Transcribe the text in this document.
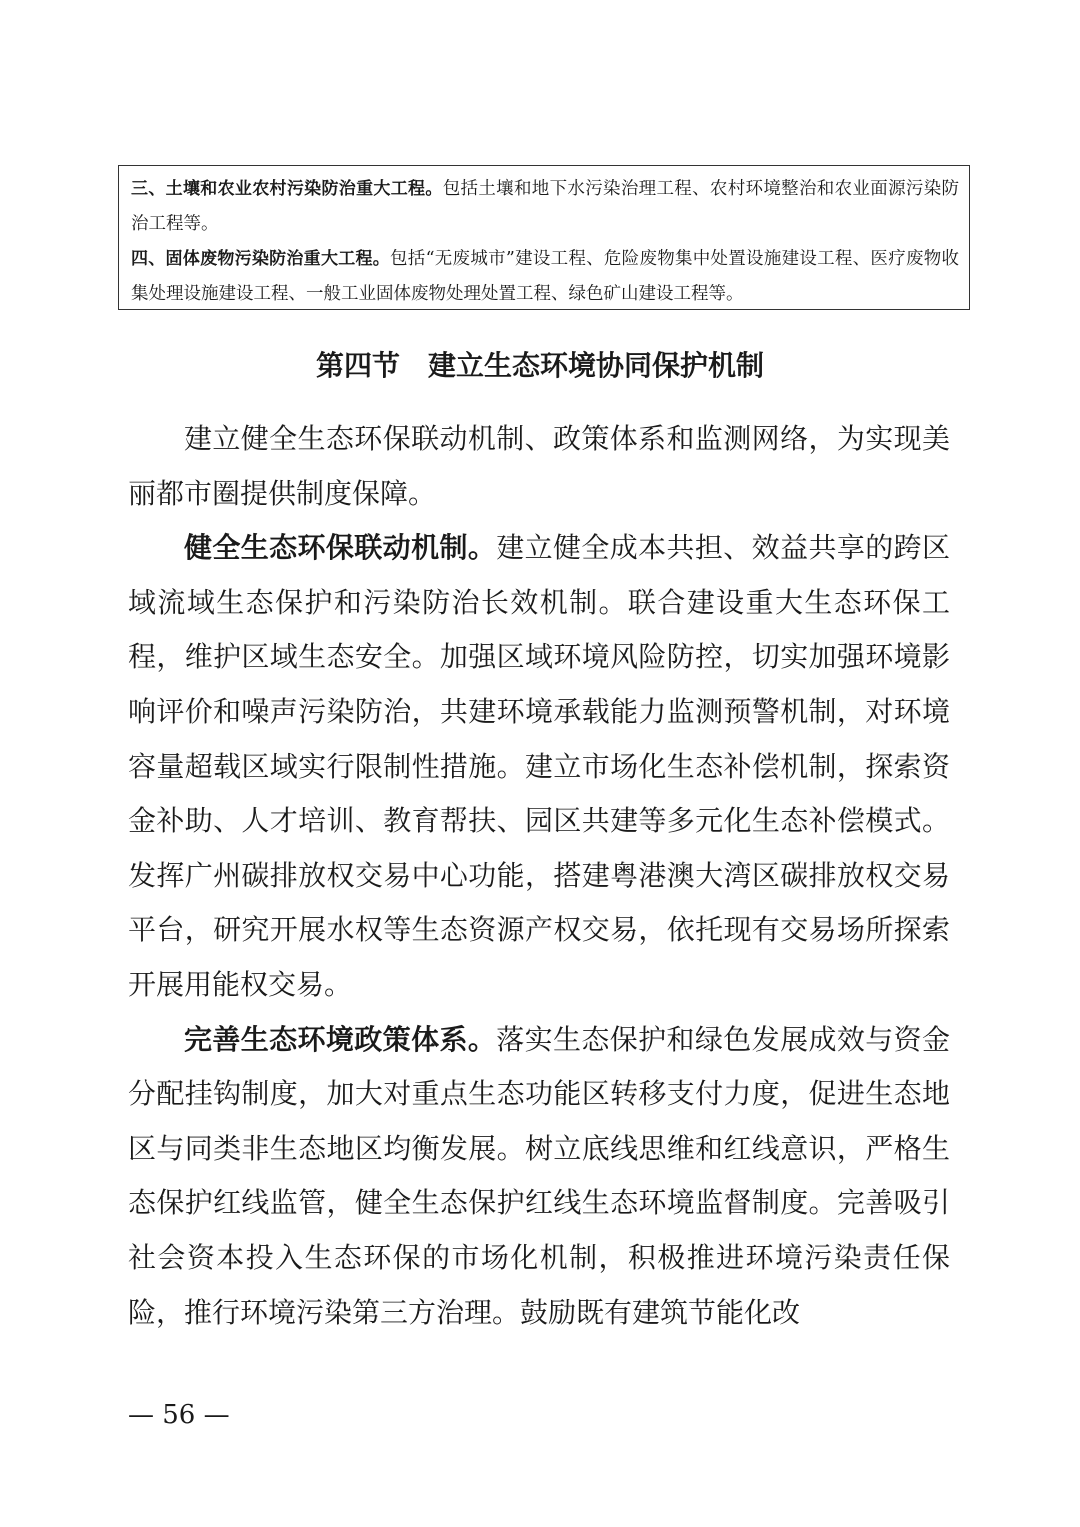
三、土壤和农业农村污染防治重大工程。包括土壤和地下水污染治理工程、农村环境整治和农业面源污染防治工程等。

四、固体废物污染防治重大工程。包括“无废城市”建设工程、危险废物集中处置设施建设工程、医疗废物收集处理设施建设工程、一般工业固体废物处理处置工程、绿色矿山建设工程等。

第四节　建立生态环境协同保护机制

建立健全生态环保联动机制、政策体系和监测网络，为实现美丽都市圈提供制度保障。

健全生态环保联动机制。建立健全成本共担、效益共享的跨区域流域生态保护和污染防治长效机制。联合建设重大生态环保工程，维护区域生态安全。加强区域环境风险防控，切实加强环境影响评价和噪声污染防治，共建环境承载能力监测预警机制，对环境容量超载区域实行限制性措施。建立市场化生态补偿机制，探索资金补助、人才培训、教育帮扶、园区共建等多元化生态补偿模式。发挥广州碳排放权交易中心功能，搭建粤港澳大湾区碳排放权交易平台，研究开展水权等生态资源产权交易，依托现有交易场所探索开展用能权交易。

完善生态环境政策体系。落实生态保护和绿色发展成效与资金分配挂钩制度，加大对重点生态功能区转移支付力度，促进生态地区与同类非生态地区均衡发展。树立底线思维和红线意识，严格生态保护红线监管，健全生态保护红线生态环境监督制度。完善吸引社会资本投入生态环保的市场化机制，积极推进环境污染责任保险，推行环境污染第三方治理。鼓励既有建筑节能化改

— 56 —
